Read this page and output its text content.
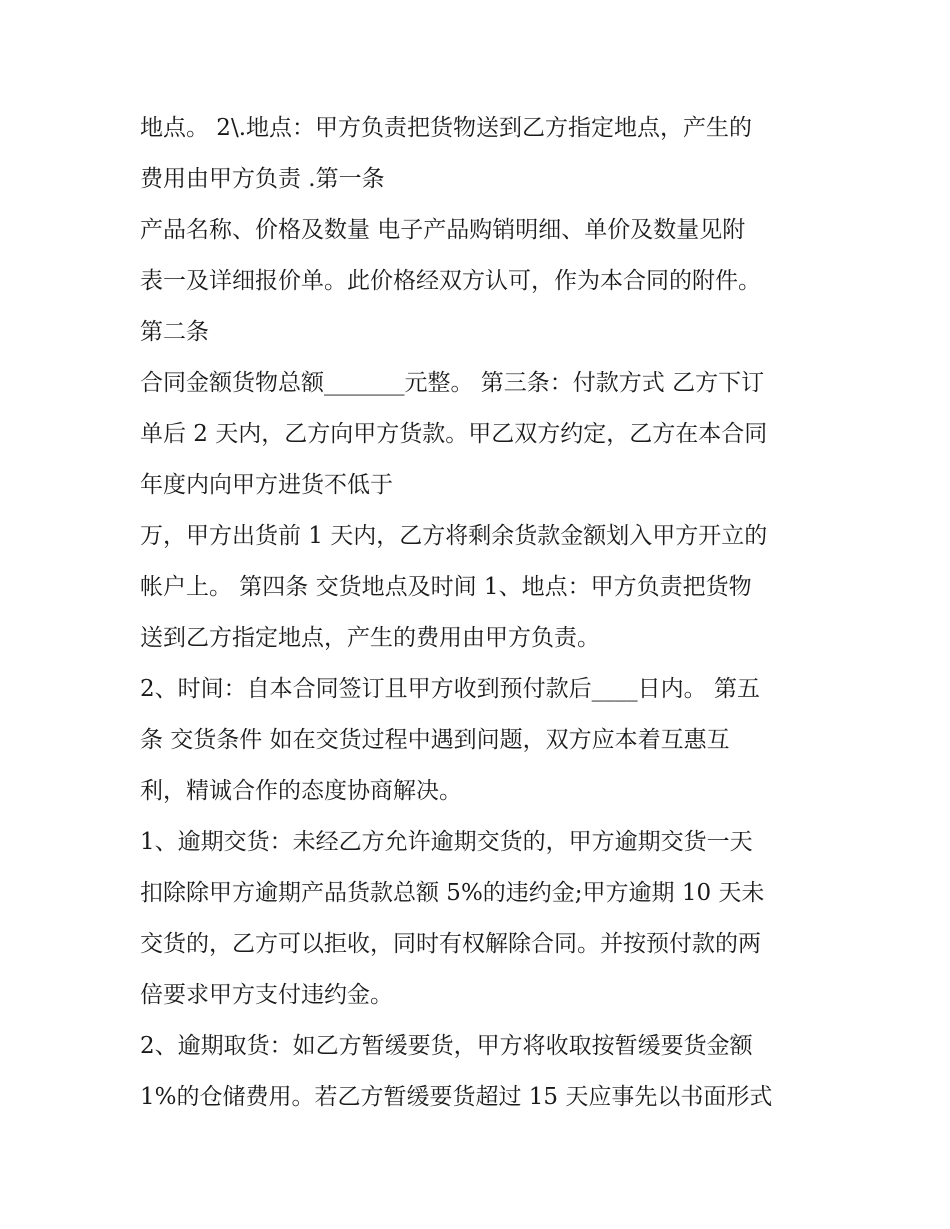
地点。 2\.地点：甲方负责把货物送到乙方指定地点，产生的
费用由甲方负责 .第一条
产品名称、价格及数量 电子产品购销明细、单价及数量见附
表一及详细报价单。此价格经双方认可，作为本合同的附件。
第二条
合同金额货物总额_______元整。 第三条：付款方式 乙方下订
单后 2 天内，乙方向甲方货款。甲乙双方约定，乙方在本合同
年度内向甲方进货不低于
万，甲方出货前 1 天内，乙方将剩余货款金额划入甲方开立的
帐户上。 第四条 交货地点及时间 1、地点：甲方负责把货物
送到乙方指定地点，产生的费用由甲方负责。
2、时间：自本合同签订且甲方收到预付款后____日内。 第五
条 交货条件 如在交货过程中遇到问题，双方应本着互惠互
利，精诚合作的态度协商解决。
1、逾期交货：未经乙方允许逾期交货的，甲方逾期交货一天
扣除除甲方逾期产品货款总额 5%的违约金;甲方逾期 10 天未
交货的，乙方可以拒收，同时有权解除合同。并按预付款的两
倍要求甲方支付违约金。
2、逾期取货：如乙方暂缓要货，甲方将收取按暂缓要货金额
1%的仓储费用。若乙方暂缓要货超过 15 天应事先以书面形式
